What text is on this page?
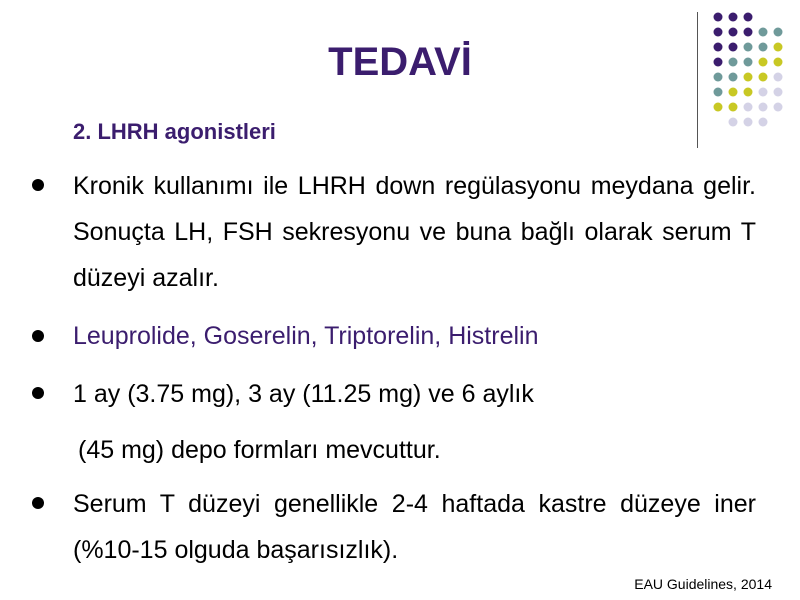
TEDAVİ

2. LHRH agonistleri

Kronik kullanımı ile LHRH down regülasyonu meydana gelir. Sonuçta LH, FSH sekresyonu ve buna bağlı olarak serum T düzeyi azalır.

Leuprolide, Goserelin, Triptorelin, Histrelin

1 ay (3.75 mg), 3 ay (11.25 mg) ve 6 aylık

(45 mg) depo formları mevcuttur.

Serum T düzeyi genellikle 2-4 haftada kastre düzeye iner (%10-15 olguda başarısızlık).

EAU Guidelines, 2014
